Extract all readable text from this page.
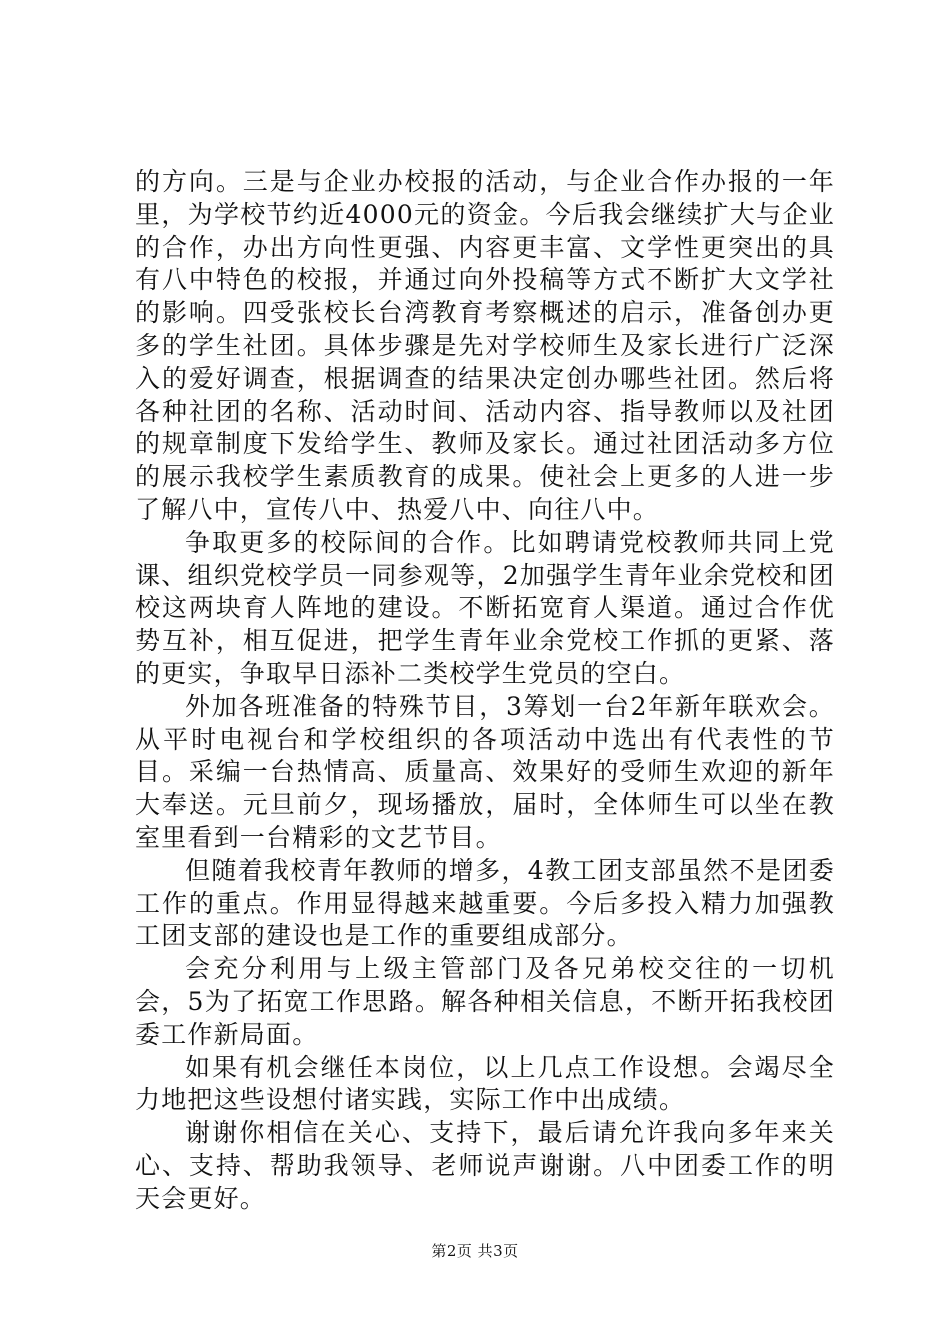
的方向。三是与企业办校报的活动，与企业合作办报的一年里，为学校节约近4000元的资金。今后我会继续扩大与企业的合作，办出方向性更强、内容更丰富、文学性更突出的具有八中特色的校报，并通过向外投稿等方式不断扩大文学社的影响。四受张校长台湾教育考察概述的启示，准备创办更多的学生社团。具体步骤是先对学校师生及家长进行广泛深入的爱好调查，根据调查的结果决定创办哪些社团。然后将各种社团的名称、活动时间、活动内容、指导教师以及社团的规章制度下发给学生、教师及家长。通过社团活动多方位的展示我校学生素质教育的成果。使社会上更多的人进一步了解八中，宣传八中、热爱八中、向往八中。

争取更多的校际间的合作。比如聘请党校教师共同上党课、组织党校学员一同参观等，2加强学生青年业余党校和团校这两块育人阵地的建设。不断拓宽育人渠道。通过合作优势互补，相互促进，把学生青年业余党校工作抓的更紧、落的更实，争取早日添补二类校学生党员的空白。

外加各班准备的特殊节目，3筹划一台2年新年联欢会。从平时电视台和学校组织的各项活动中选出有代表性的节目。采编一台热情高、质量高、效果好的受师生欢迎的新年大奉送。元旦前夕，现场播放，届时，全体师生可以坐在教室里看到一台精彩的文艺节目。

但随着我校青年教师的增多，4教工团支部虽然不是团委工作的重点。作用显得越来越重要。今后多投入精力加强教工团支部的建设也是工作的重要组成部分。

会充分利用与上级主管部门及各兄弟校交往的一切机会，5为了拓宽工作思路。解各种相关信息，不断开拓我校团委工作新局面。

如果有机会继任本岗位，以上几点工作设想。会竭尽全力地把这些设想付诸实践，实际工作中出成绩。

谢谢你相信在关心、支持下，最后请允许我向多年来关心、支持、帮助我领导、老师说声谢谢。八中团委工作的明天会更好。

第2页 共3页
